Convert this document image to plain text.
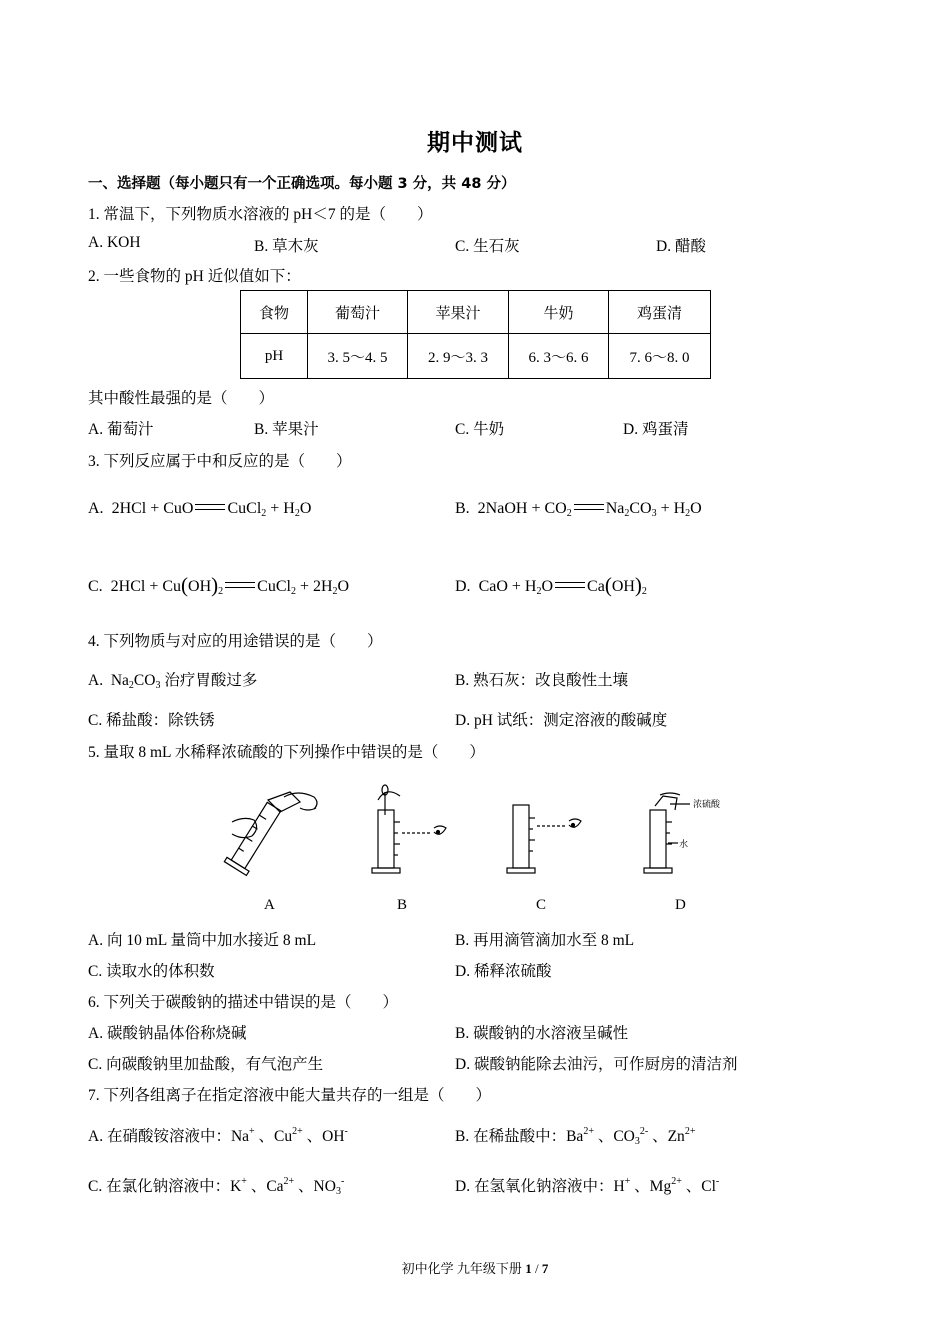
期中测试
一、选择题（每小题只有一个正确选项。每小题 3 分，共 48 分）
1. 常温下，下列物质水溶液的 pH＜7 的是（　　）
A. KOH	B. 草木灰	C. 生石灰	D. 醋酸
2. 一些食物的 pH 近似值如下：
食物	葡萄汁	苹果汁	牛奶	鸡蛋清
pH	3. 5～4. 5	2. 9～3. 3	6. 3～6. 6	7. 6～8. 0
其中酸性最强的是（　　）
A. 葡萄汁	B. 苹果汁	C. 牛奶	D. 鸡蛋清
3. 下列反应属于中和反应的是（　　）
A.  2HCl + CuO CuCl$_2$ + $H_2O$	B.  2NaOH + $CO_2$ $Na_2CO_3 + H_2O$
C.  $2HCl + Cu(OH)_2$ CuCl$_2$ + $2H_2O$	D.  CaO + $H_2O$ $Ca(OH)_2$
4. 下列物质与对应的用途错误的是（　　）
A.  $Na_2CO_3$ 治疗胃酸过多	B. 熟石灰：改良酸性土壤
C. 稀盐酸：除铁锈	D. pH 试纸：测定溶液的酸碱度
5. 量取 8 mL 水稀释浓硫酸的下列操作中错误的是（　　）
浓硫酸
水
A	B	C	D
A. 向 10 mL 量筒中加水接近 8 mL	B. 再用滴管滴加水至 8 mL
C. 读取水的体积数	D. 稀释浓硫酸
6. 下列关于碳酸钠的描述中错误的是（　　）
A. 碳酸钠晶体俗称烧碱	B. 碳酸钠的水溶液呈碱性
C. 向碳酸钠里加盐酸，有气泡产生	D. 碳酸钠能除去油污，可作厨房的清洁剂
7. 下列各组离子在指定溶液中能大量共存的一组是（　　）
A. 在硝酸铵溶液中：Na+ 、$Cu^{2+}$ 、OH-	B. 在稀盐酸中：$Ba^{2+}$ 、$CO_3^{2-}$ 、$Zn^{2+}$
C. 在氯化钠溶液中：K+ 、$Ca^{2+}$ 、$NO_3^-$	D. 在氢氧化钠溶液中：H+ 、$Mg^{2+}$ 、Cl-
初中化学 九年级下册 1 / 7
